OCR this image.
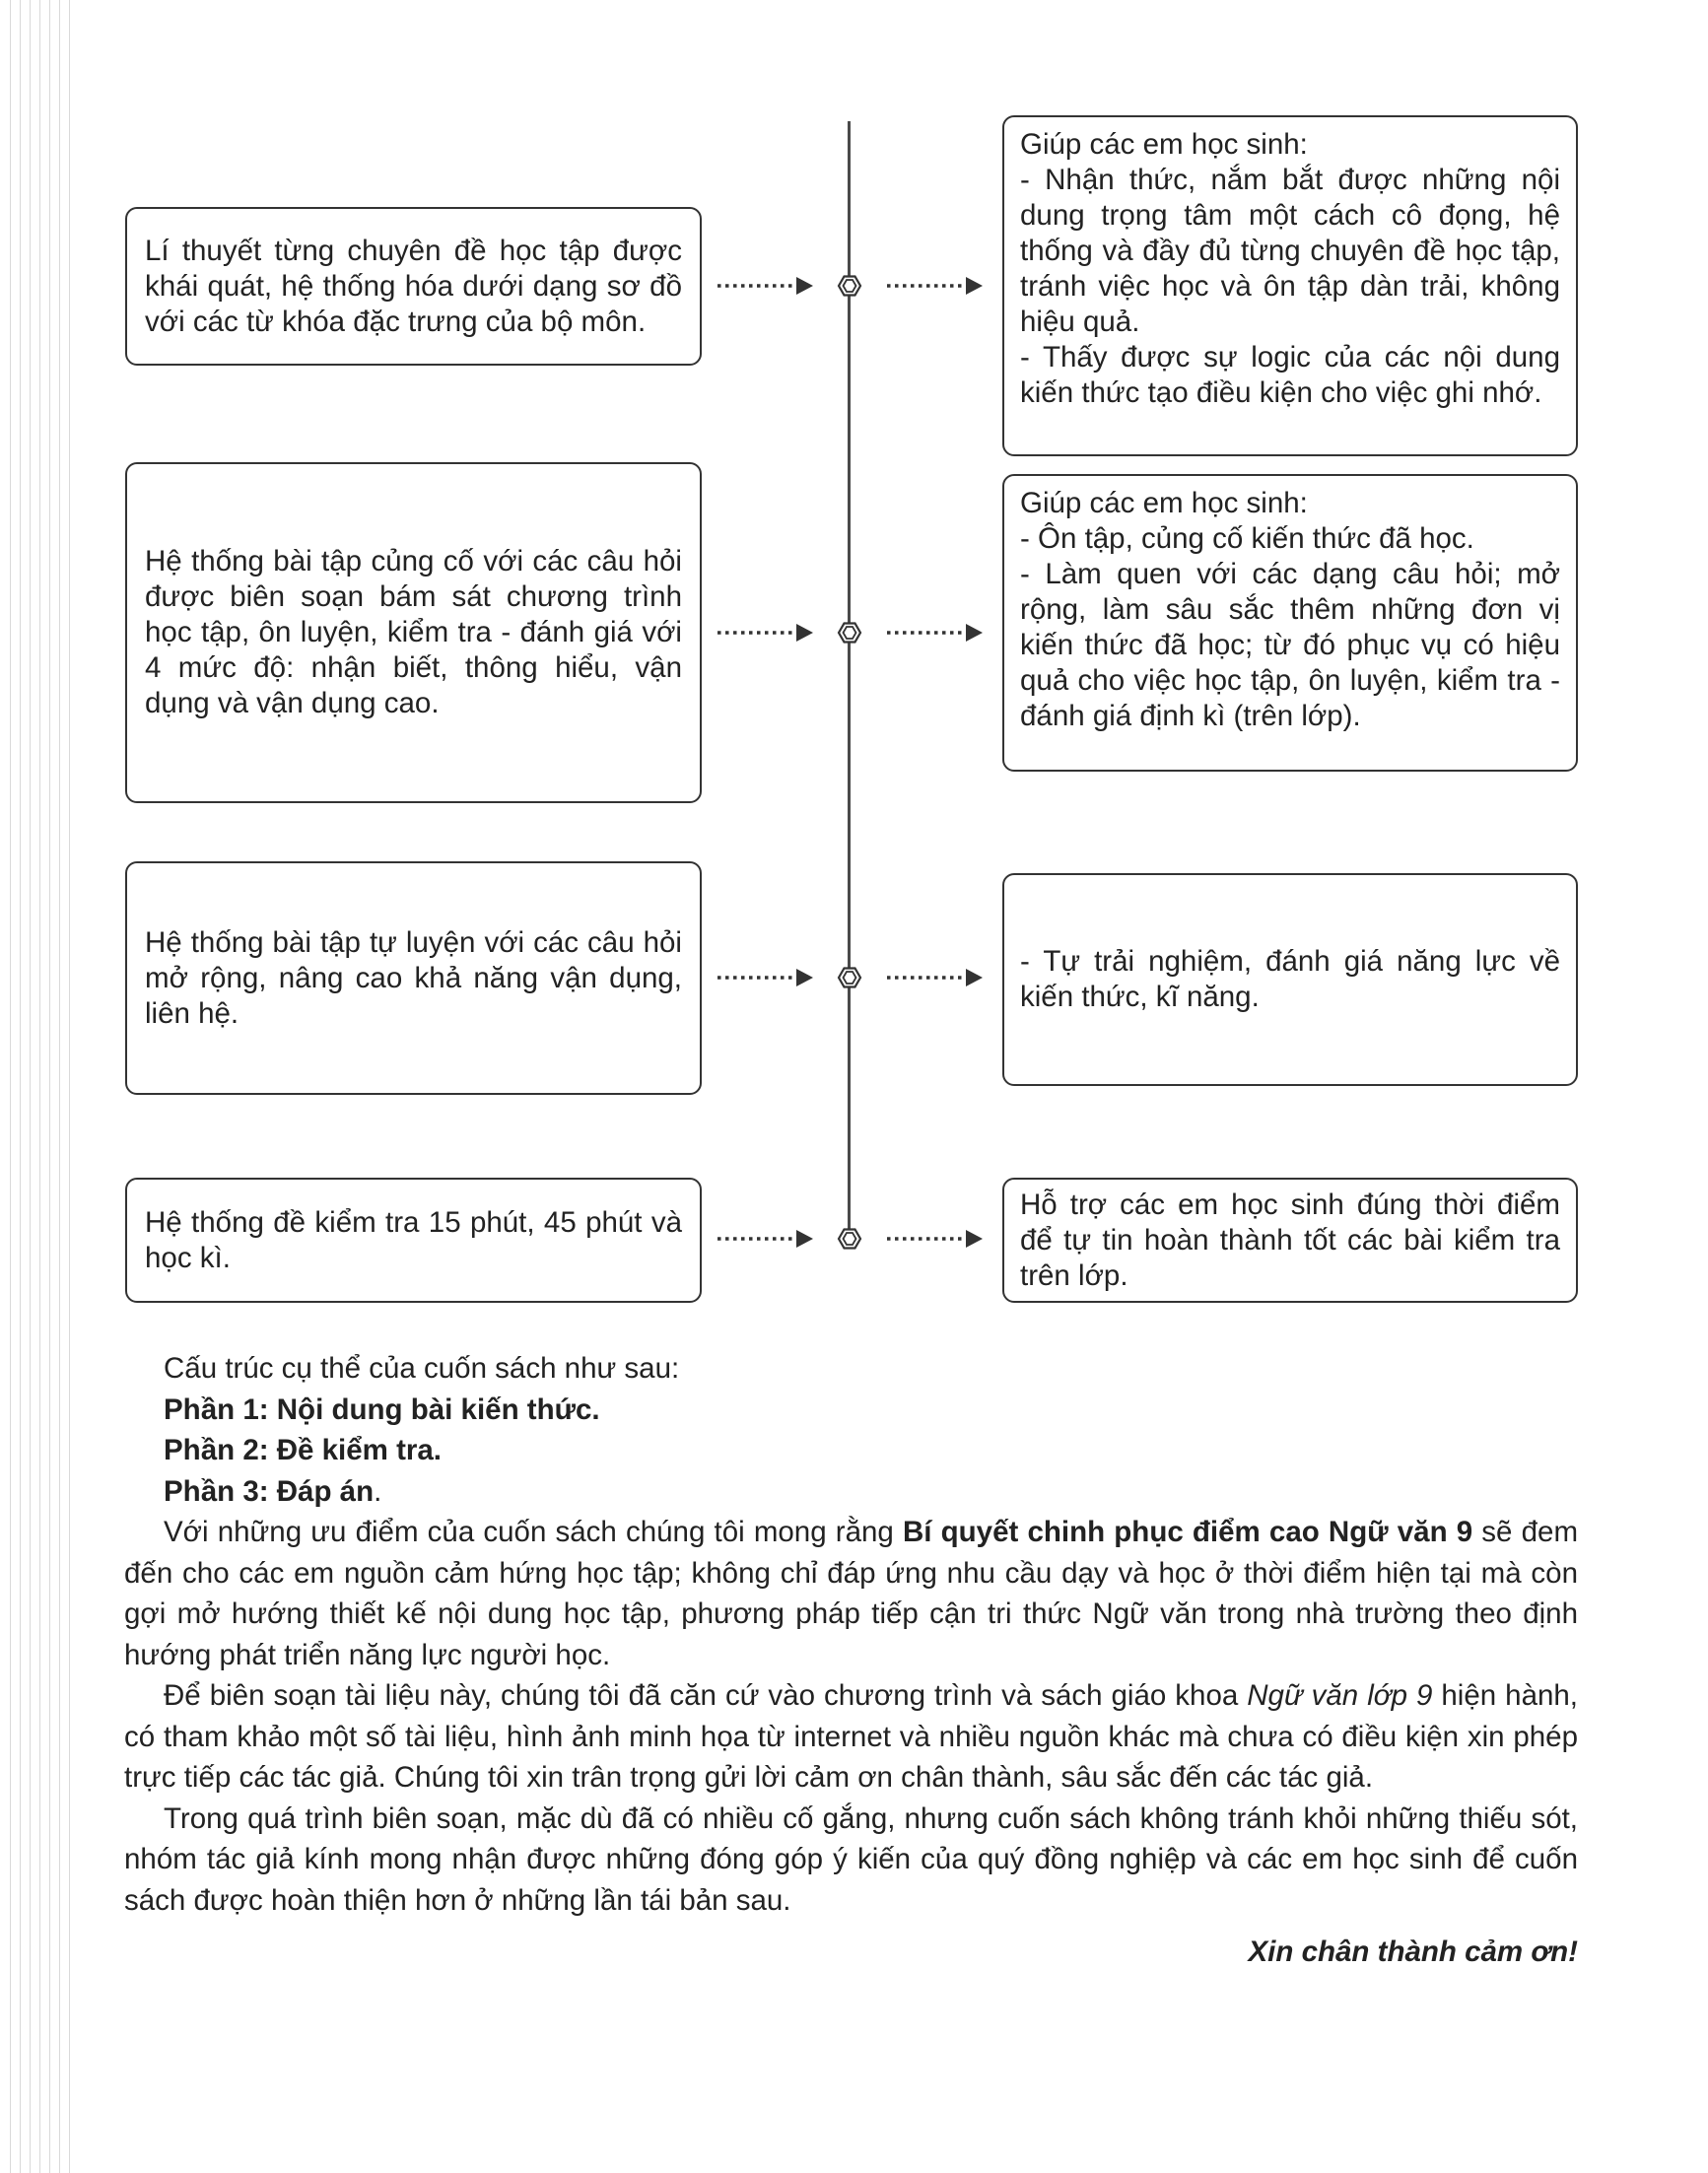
Lí thuyết từng chuyên đề học tập được khái quát, hệ thống hóa dưới dạng sơ đồ với các từ khóa đặc trưng của bộ môn.
Giúp các em học sinh:
- Nhận thức, nắm bắt được những nội dung trọng tâm một cách cô đọng, hệ thống và đầy đủ từng chuyên đề học tập, tránh việc học và ôn tập dàn trải, không hiệu quả.
- Thấy được sự logic của các nội dung kiến thức tạo điều kiện cho việc ghi nhớ.
Hệ thống bài tập củng cố với các câu hỏi được biên soạn bám sát chương trình học tập, ôn luyện, kiểm tra - đánh giá với 4 mức độ: nhận biết, thông hiểu, vận dụng và vận dụng cao.
Giúp các em học sinh:
- Ôn tập, củng cố kiến thức đã học.
- Làm quen với các dạng câu hỏi; mở rộng, làm sâu sắc thêm những đơn vị kiến thức đã học; từ đó phục vụ có hiệu quả cho việc học tập, ôn luyện, kiểm tra - đánh giá định kì (trên lớp).
Hệ thống bài tập tự luyện với các câu hỏi mở rộng, nâng cao khả năng vận dụng, liên hệ.
- Tự trải nghiệm, đánh giá năng lực về kiến thức, kĩ năng.
Hệ thống đề kiểm tra 15 phút, 45 phút và học kì.
Hỗ trợ các em học sinh đúng thời điểm để tự tin hoàn thành tốt các bài kiểm tra trên lớp.

Cấu trúc cụ thể của cuốn sách như sau:

Phần 1: Nội dung bài kiến thức.

Phần 2: Đề kiểm tra.

Phần 3: Đáp án.

Với những ưu điểm của cuốn sách chúng tôi mong rằng Bí quyết chinh phục điểm cao Ngữ văn 9 sẽ đem đến cho các em nguồn cảm hứng học tập; không chỉ đáp ứng nhu cầu dạy và học ở thời điểm hiện tại mà còn gợi mở hướng thiết kế nội dung học tập, phương pháp tiếp cận tri thức Ngữ văn trong nhà trường theo định hướng phát triển năng lực người học.

Để biên soạn tài liệu này, chúng tôi đã căn cứ vào chương trình và sách giáo khoa Ngữ văn lớp 9 hiện hành, có tham khảo một số tài liệu, hình ảnh minh họa từ internet và nhiều nguồn khác mà chưa có điều kiện xin phép trực tiếp các tác giả. Chúng tôi xin trân trọng gửi lời cảm ơn chân thành, sâu sắc đến các tác giả.

Trong quá trình biên soạn, mặc dù đã có nhiều cố gắng, nhưng cuốn sách không tránh khỏi những thiếu sót, nhóm tác giả kính mong nhận được những đóng góp ý kiến của quý đồng nghiệp và các em học sinh để cuốn sách được hoàn thiện hơn ở những lần tái bản sau.

Xin chân thành cảm ơn!
